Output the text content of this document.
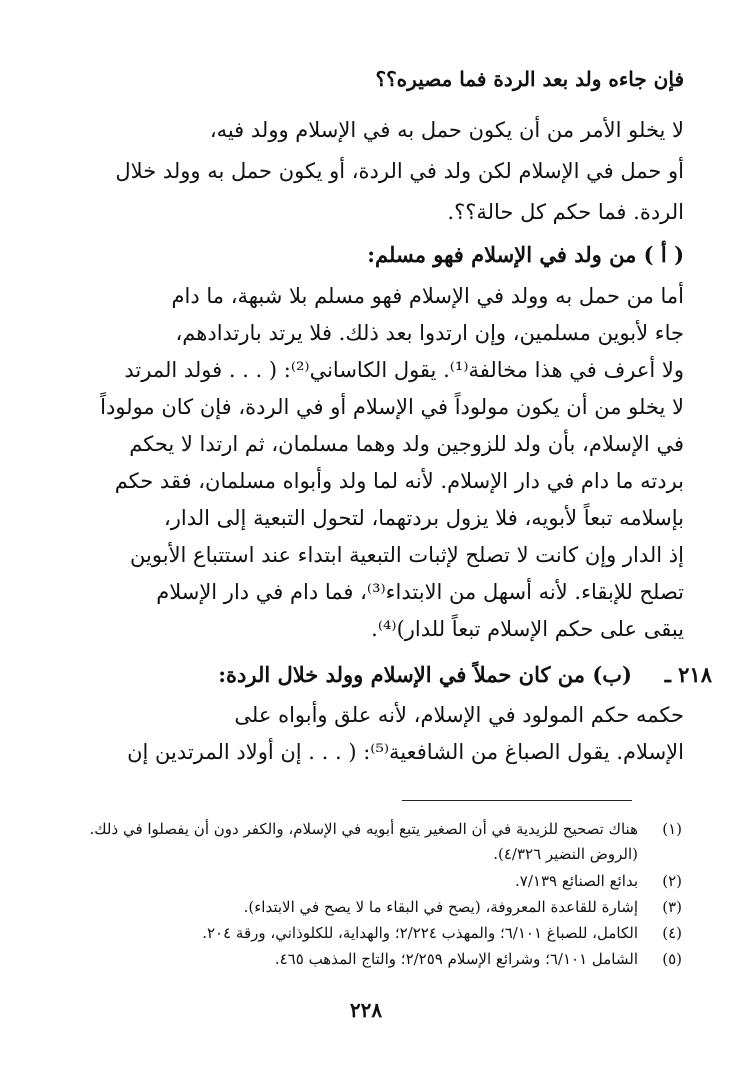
فإن جاءه ولد بعد الردة فما مصيره؟؟
لا يخلو الأمر من أن يكون حمل به في الإسلام وولد فيه،
أو حمل في الإسلام لكن ولد في الردة، أو يكون حمل به وولد خلال
الردة. فما حكم كل حالة؟؟.
( أ ) من ولد في الإسلام فهو مسلم:
أما من حمل به وولد في الإسلام فهو مسلم بلا شبهة، ما دام
جاء لأبوين مسلمين، وإن ارتدوا بعد ذلك. فلا يرتد بارتدادهم،
ولا أعرف في هذا مخالفة⁽¹⁾. يقول الكاساني⁽²⁾: ( . . . فولد المرتد
لا يخلو من أن يكون مولوداً في الإسلام أو في الردة، فإن كان مولوداً
في الإسلام، بأن ولد للزوجين ولد وهما مسلمان، ثم ارتدا لا يحكم
بردته ما دام في دار الإسلام. لأنه لما ولد وأبواه مسلمان، فقد حكم
بإسلامه تبعاً لأبويه، فلا يزول بردتهما، لتحول التبعية إلى الدار،
إذ الدار وإن كانت لا تصلح لإثبات التبعية ابتداء عند استتباع الأبوين
تصلح للإبقاء. لأنه أسهل من الابتداء⁽³⁾، فما دام في دار الإسلام
يبقى على حكم الإسلام تبعاً للدار)⁽⁴⁾.
٢١٨ ـ
(ب) من كان حملاً في الإسلام وولد خلال الردة:
حكمه حكم المولود في الإسلام، لأنه علق وأبواه على
الإسلام. يقول الصباغ من الشافعية⁽⁵⁾: ( . . . إن أولاد المرتدين إن
(١)هناك تصحيح للزيدية في أن الصغير يتبع أبويه في الإسلام، والكفر دون أن يفصلوا في ذلك.
(الروض النضير ٤/٣٢٦).
(٢)بدائع الصنائع ٧/١٣٩.
(٣)إشارة للقاعدة المعروفة، (يصح في البقاء ما لا يصح في الابتداء).
(٤)الكامل، للصباغ ٦/١٠١؛ والمهذب ٢/٢٢٤؛ والهداية، للكلوذاني، ورقة ٢٠٤.
(٥)الشامل ٦/١٠١؛ وشرائع الإسلام ٢/٢٥٩؛ والتاج المذهب ٤٦٥.
٢٢٨
